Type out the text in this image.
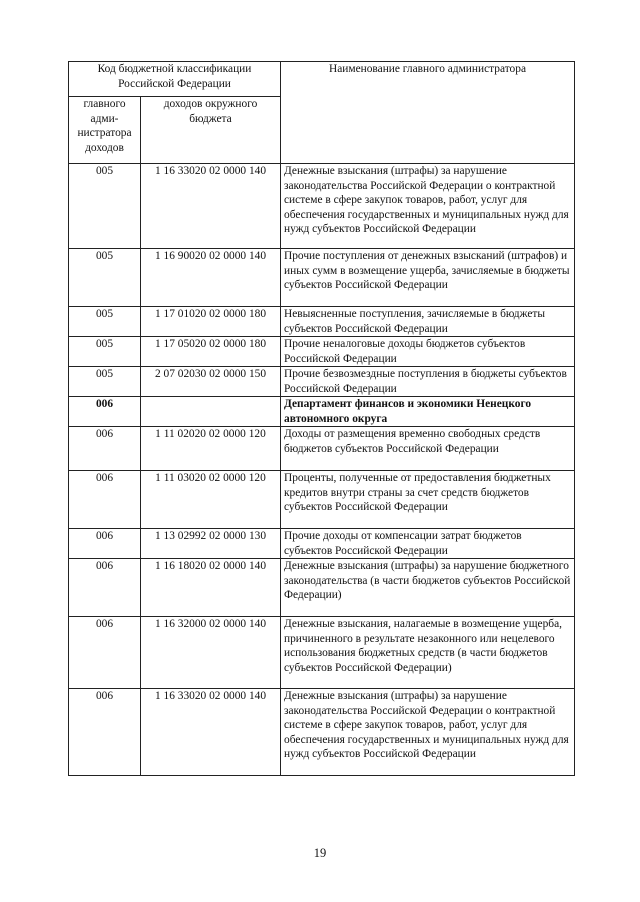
Код бюджетной классификации Российской Федерации		Наименование главного администратора
главного адми-нистратора доходов	доходов окружного бюджета	
005	1 16 33020 02 0000 140	Денежные взыскания (штрафы) за нарушение законодательства Российской Федерации о контрактной системе в сфере закупок товаров, работ, услуг для обеспечения государственных и муниципальных нужд для нужд субъектов Российской Федерации
005	1 16 90020 02 0000 140	Прочие поступления от денежных взысканий (штрафов) и иных сумм в возмещение ущерба, зачисляемые в бюджеты субъектов Российской Федерации
005	1 17 01020 02 0000 180	Невыясненные поступления, зачисляемые в бюджеты субъектов Российской Федерации
005	1 17 05020 02 0000 180	Прочие неналоговые доходы бюджетов субъектов Российской Федерации
005	2 07 02030 02 0000 150	Прочие безвозмездные поступления в бюджеты субъектов Российской Федерации
006		Департамент финансов и экономики Ненецкого автономного округа
006	1 11 02020 02 0000 120	Доходы от размещения временно свободных средств бюджетов субъектов Российской Федерации
006	1 11 03020 02 0000 120	Проценты, полученные от предоставления бюджетных кредитов внутри страны за счет средств бюджетов субъектов Российской Федерации
006	1 13 02992 02 0000 130	Прочие доходы от компенсации затрат бюджетов субъектов Российской Федерации
006	1 16 18020 02 0000 140	Денежные взыскания (штрафы) за нарушение бюджетного законодательства (в части бюджетов субъектов Российской Федерации)
006	1 16 32000 02 0000 140	Денежные взыскания, налагаемые в возмещение ущерба, причиненного в результате незаконного или нецелевого использования бюджетных средств (в части бюджетов субъектов Российской Федерации)
006	1 16 33020 02 0000 140	Денежные взыскания (штрафы) за нарушение законодательства Российской Федерации о контрактной системе в сфере закупок товаров, работ, услуг для обеспечения государственных и муниципальных нужд для нужд субъектов Российской Федерации
19
